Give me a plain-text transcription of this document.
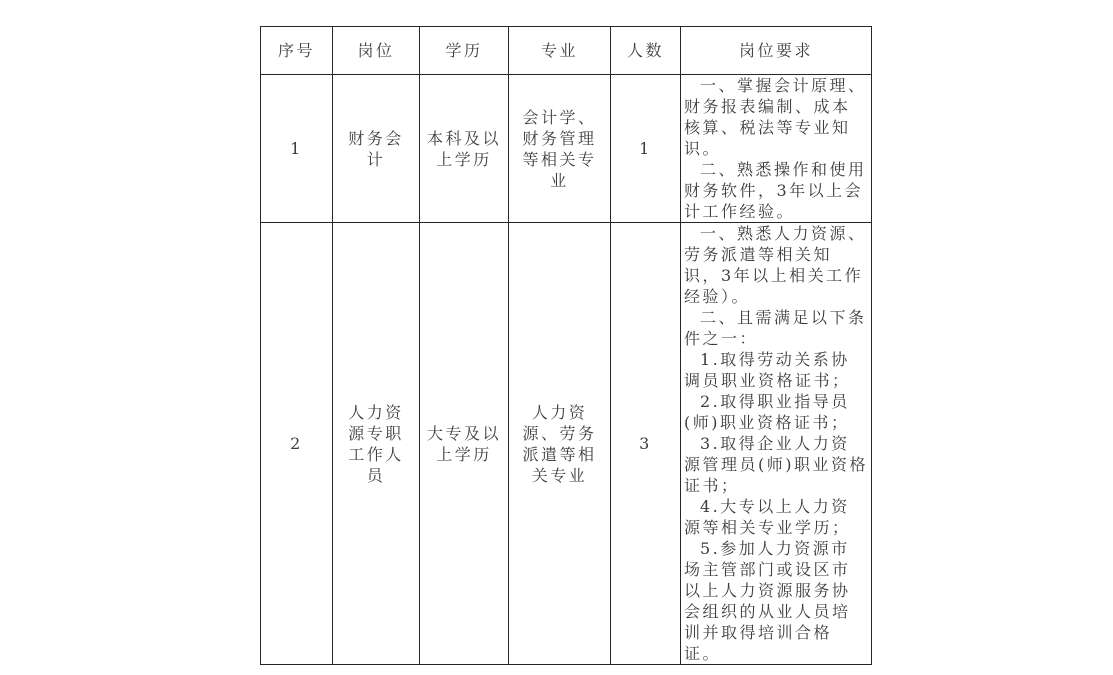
序号	岗位	学历	专业	人数	岗位要求
1	财务会计	本科及以上学历	会计学、财务管理等相关专业	1	一、掌握会计原理、财务报表编制、成本核算、税法等专业知识。

二、熟悉操作和使用财务软件，3年以上会计工作经验。

2	人力资源专职工作人员	大专及以上学历	人力资源、劳务派遣等相关专业	3	

一、熟悉人力资源、劳务派遣等相关知识，3年以上相关工作经验）。

二、且需满足以下条件之一：

1.取得劳动关系协调员职业资格证书；

2.取得职业指导员(师)职业资格证书；

3.取得企业人力资源管理员(师)职业资格证书；

4.大专以上人力资源等相关专业学历；

5.参加人力资源市场主管部门或设区市以上人力资源服务协会组织的从业人员培训并取得培训合格证。
